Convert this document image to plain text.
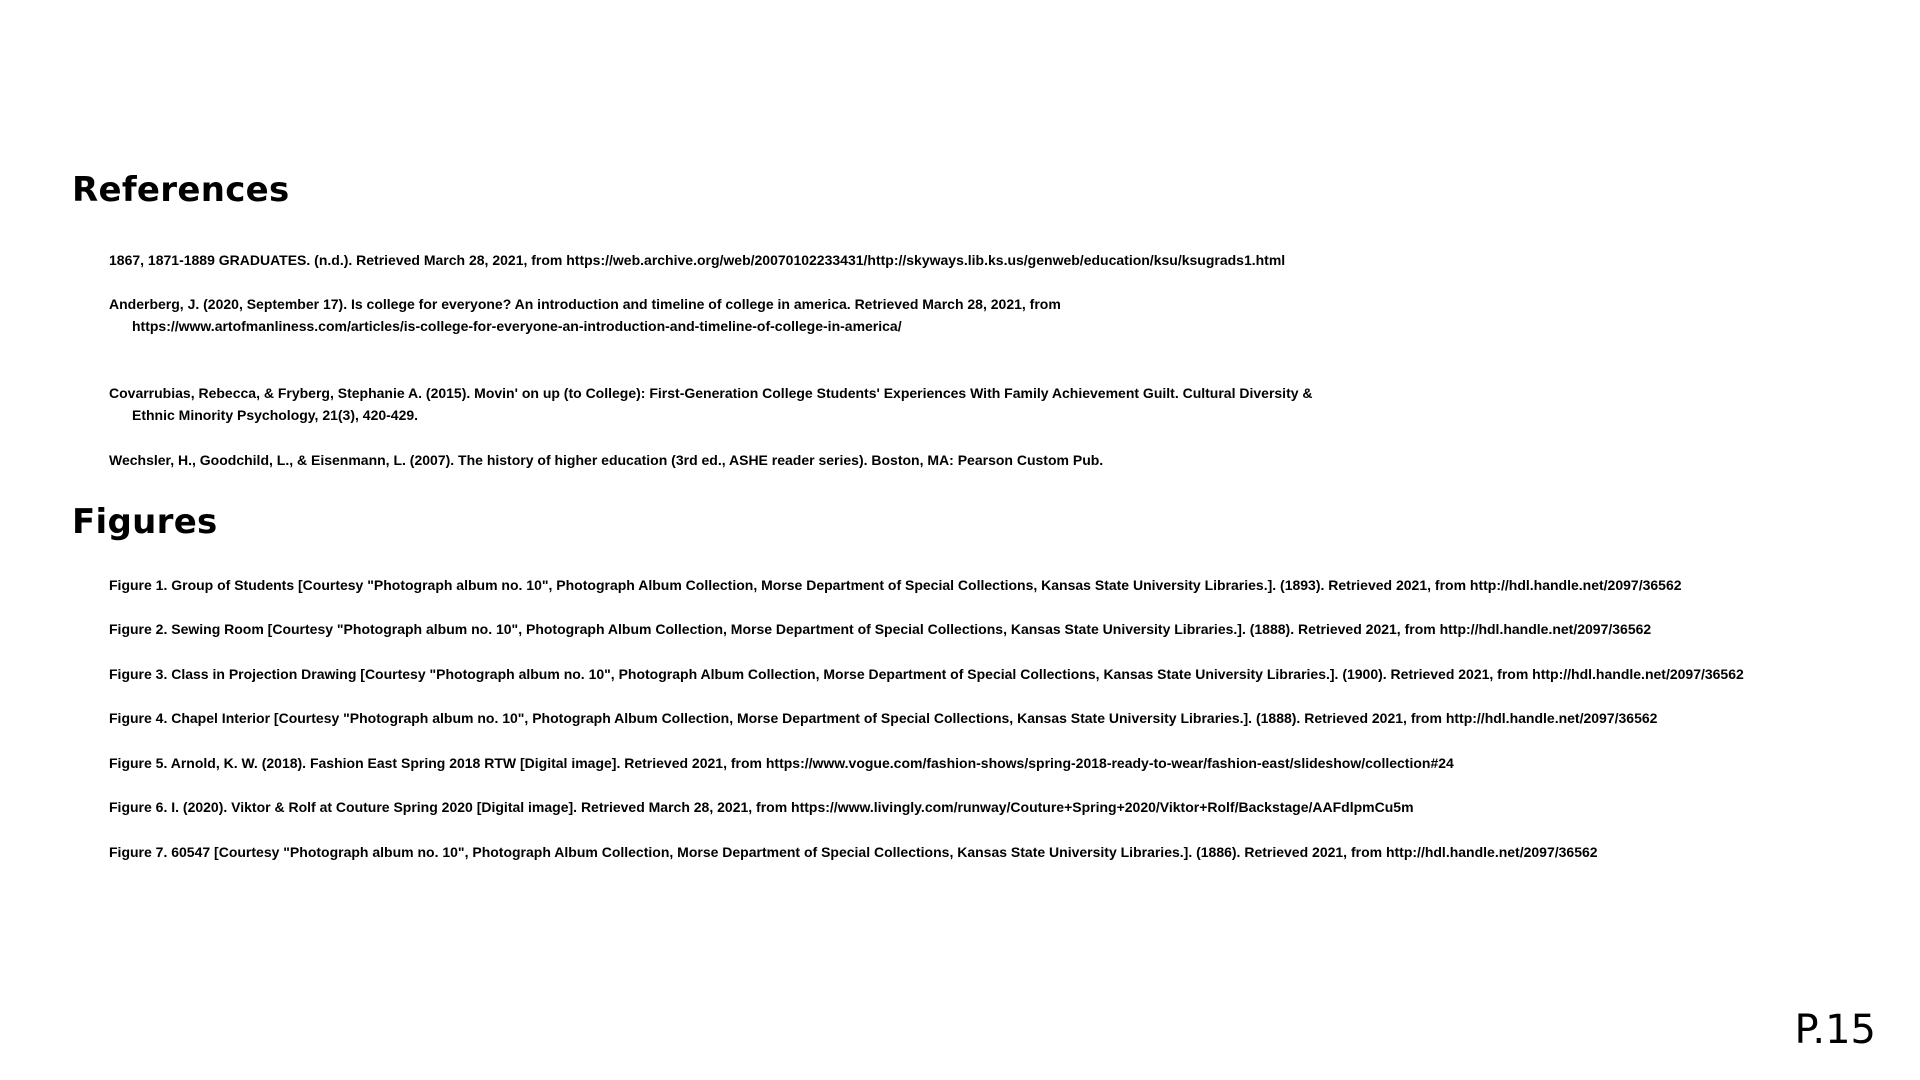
References

1867, 1871-1889 GRADUATES. (n.d.). Retrieved March 28, 2021, from https://web.archive.org/web/20070102233431/http://skyways.lib.ks.us/genweb/education/ksu/ksugrads1.html

Anderberg, J. (2020, September 17). Is college for everyone? An introduction and timeline of college in america. Retrieved March 28, 2021, from
https://www.artofmanliness.com/articles/is-college-for-everyone-an-introduction-and-timeline-of-college-in-america/

Covarrubias, Rebecca, & Fryberg, Stephanie A. (2015). Movin' on up (to College): First-Generation College Students' Experiences With Family Achievement Guilt. Cultural Diversity &
Ethnic Minority Psychology, 21(3), 420-429.

Wechsler, H., Goodchild, L., & Eisenmann, L. (2007). The history of higher education (3rd ed., ASHE reader series). Boston, MA: Pearson Custom Pub.

Figures

Figure 1. Group of Students [Courtesy "Photograph album no. 10", Photograph Album Collection, Morse Department of Special Collections, Kansas State University Libraries.]. (1893). Retrieved 2021, from http://hdl.handle.net/2097/36562

Figure 2. Sewing Room [Courtesy "Photograph album no. 10", Photograph Album Collection, Morse Department of Special Collections, Kansas State University Libraries.]. (1888). Retrieved 2021, from http://hdl.handle.net/2097/36562

Figure 3. Class in Projection Drawing [Courtesy "Photograph album no. 10", Photograph Album Collection, Morse Department of Special Collections, Kansas State University Libraries.]. (1900). Retrieved 2021, from http://hdl.handle.net/2097/36562

Figure 4. Chapel Interior [Courtesy "Photograph album no. 10", Photograph Album Collection, Morse Department of Special Collections, Kansas State University Libraries.]. (1888). Retrieved 2021, from http://hdl.handle.net/2097/36562

Figure 5. Arnold, K. W. (2018). Fashion East Spring 2018 RTW [Digital image]. Retrieved 2021, from https://www.vogue.com/fashion-shows/spring-2018-ready-to-wear/fashion-east/slideshow/collection#24

Figure 6. I. (2020). Viktor & Rolf at Couture Spring 2020 [Digital image]. Retrieved March 28, 2021, from https://www.livingly.com/runway/Couture+Spring+2020/Viktor+Rolf/Backstage/AAFdlpmCu5m

Figure 7. 60547 [Courtesy "Photograph album no. 10", Photograph Album Collection, Morse Department of Special Collections, Kansas State University Libraries.]. (1886). Retrieved 2021, from http://hdl.handle.net/2097/36562

P.15
